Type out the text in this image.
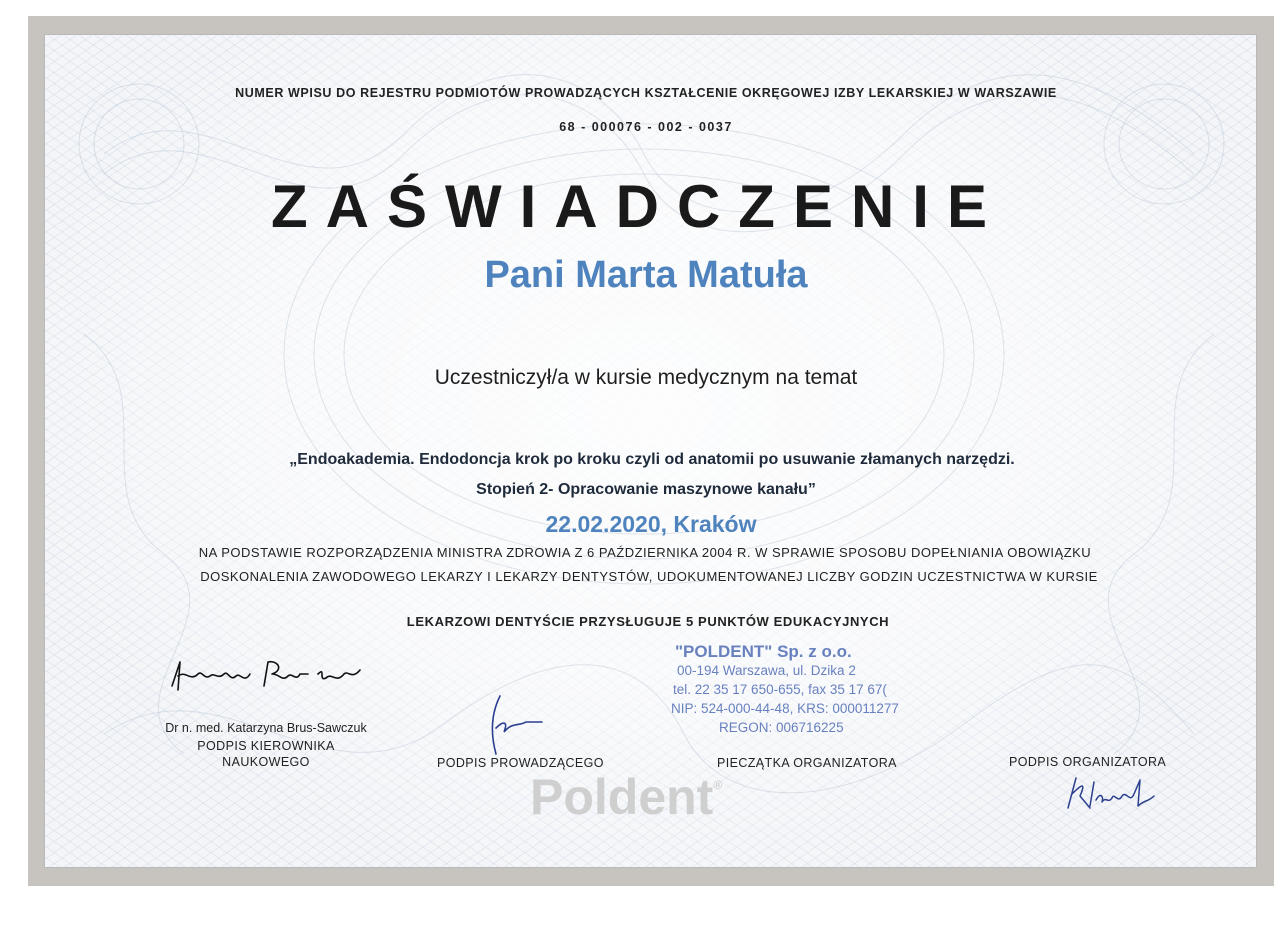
NUMER WPISU DO REJESTRU PODMIOTÓW PROWADZĄCYCH KSZTAŁCENIE OKRĘGOWEJ IZBY LEKARSKIEJ W WARSZAWIE
68 - 000076 - 002 - 0037
ZAŚWIADCZENIE
Pani Marta Matuła
Uczestniczył/a w kursie medycznym na temat
„Endoakademia. Endodoncja krok po kroku czyli od anatomii po usuwanie złamanych narzędzi.
Stopień 2- Opracowanie maszynowe kanału”
22.02.2020, Kraków
NA PODSTAWIE ROZPORZĄDZENIA MINISTRA ZDROWIA Z 6 PAŹDZIERNIKA 2004 R. W SPRAWIE SPOSOBU DOPEŁNIANIA OBOWIĄZKU
DOSKONALENIA ZAWODOWEGO LEKARZY I LEKARZY DENTYSTÓW, UDOKUMENTOWANEJ LICZBY GODZIN UCZESTNICTWA W KURSIE
LEKARZOWI DENTYŚCIE PRZYSŁUGUJE 5 PUNKTÓW EDUKACYJNYCH
Dr n. med. Katarzyna Brus-Sawczuk
PODPIS KIEROWNIKA
NAUKOWEGO	PODPIS PROWADZĄCEGO
"POLDENT" Sp. z o.o.
00-194 Warszawa, ul. Dzika 2
tel. 22 35 17 650-655, fax 35 17 67(
NIP: 524-000-44-48, KRS: 000011277
REGON: 006716225
PIECZĄTKA ORGANIZATORA	PODPIS ORGANIZATORA
Poldent®
